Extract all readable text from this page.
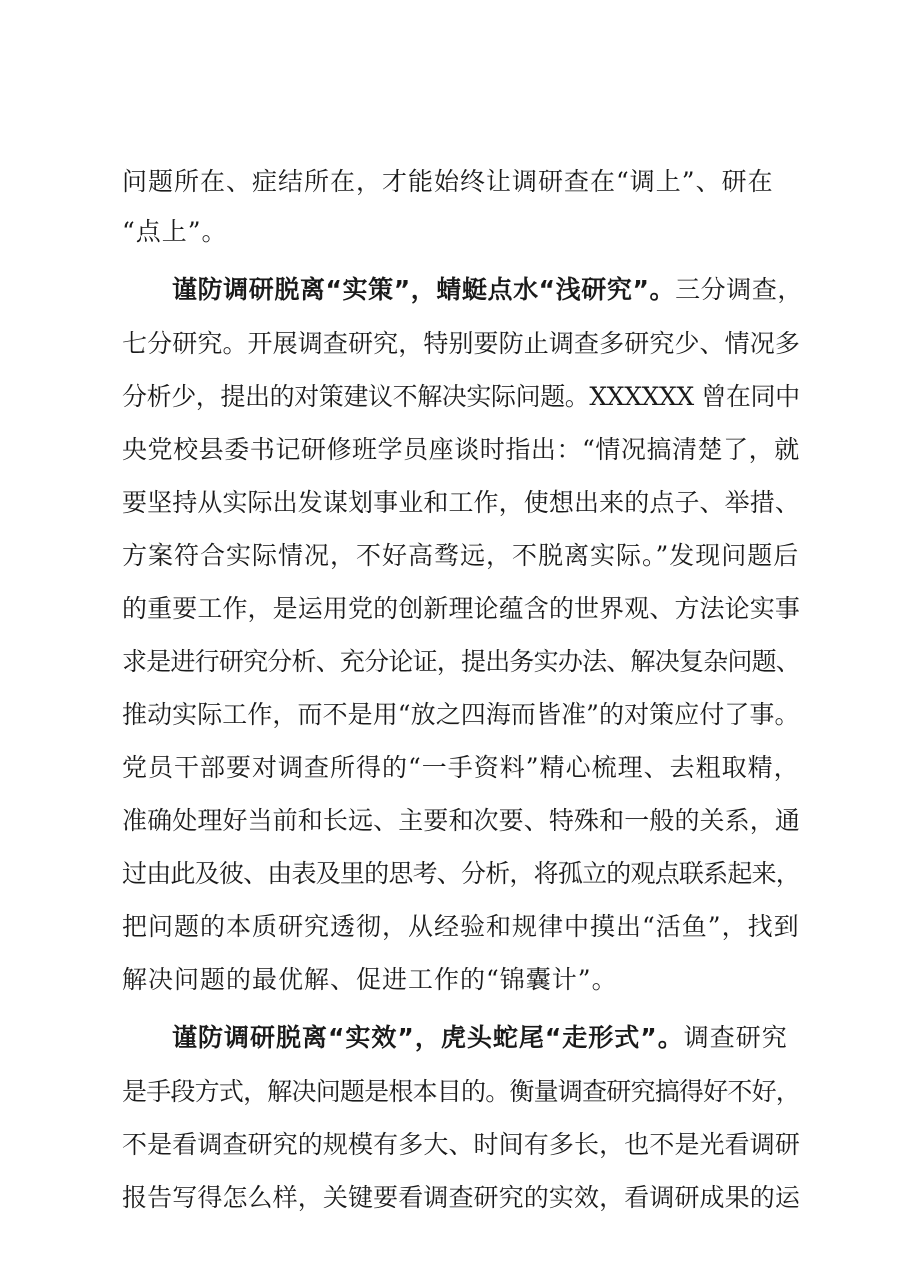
问题所在、症结所在，才能始终让调研查在“调上”、研在
“点上”。
谨防调研脱离“实策”，蜻蜓点水“浅研究”。三分调查，
七分研究。开展调查研究，特别要防止调查多研究少、情况多
分析少，提出的对策建议不解决实际问题。XXXXXX 曾在同中
央党校县委书记研修班学员座谈时指出：“情况搞清楚了，就
要坚持从实际出发谋划事业和工作，使想出来的点子、举措、
方案符合实际情况，不好高骛远，不脱离实际。”发现问题后
的重要工作，是运用党的创新理论蕴含的世界观、方法论实事
求是进行研究分析、充分论证，提出务实办法、解决复杂问题、
推动实际工作，而不是用“放之四海而皆准”的对策应付了事。
党员干部要对调查所得的“一手资料”精心梳理、去粗取精，
准确处理好当前和长远、主要和次要、特殊和一般的关系，通
过由此及彼、由表及里的思考、分析，将孤立的观点联系起来，
把问题的本质研究透彻，从经验和规律中摸出“活鱼”，找到
解决问题的最优解、促进工作的“锦囊计”。
谨防调研脱离“实效”，虎头蛇尾“走形式”。调查研究
是手段方式，解决问题是根本目的。衡量调查研究搞得好不好，
不是看调查研究的规模有多大、时间有多长，也不是光看调研
报告写得怎么样，关键要看调查研究的实效，看调研成果的运
